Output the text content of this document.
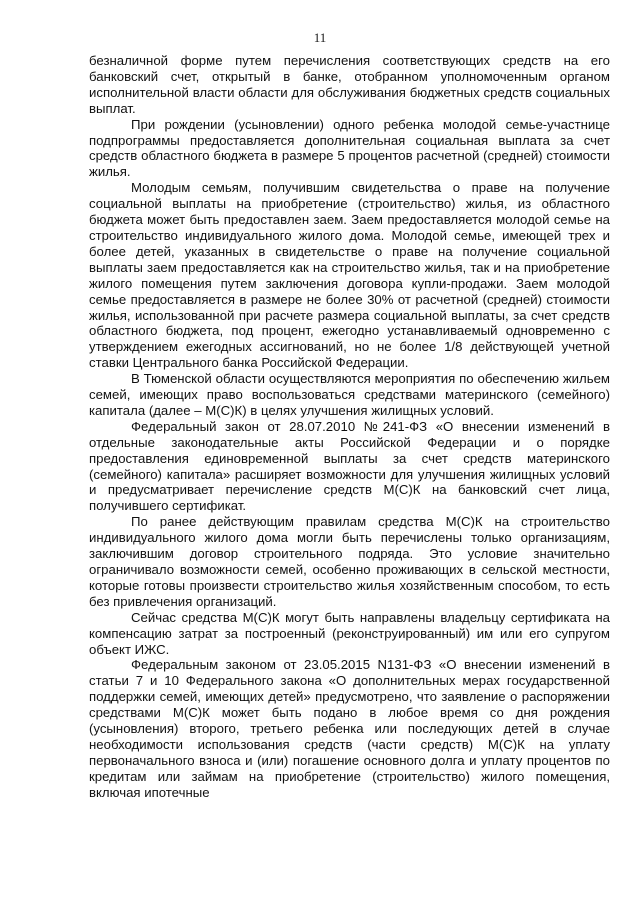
11

безналичной форме путем перечисления соответствующих средств на его банковский счет, открытый в банке, отобранном уполномоченным органом исполнительной власти области для обслуживания бюджетных средств социальных выплат.

При рождении (усыновлении) одного ребенка молодой семье-участнице подпрограммы предоставляется дополнительная социальная выплата за счет средств областного бюджета в размере 5 процентов расчетной (средней) стоимости жилья.

Молодым семьям, получившим свидетельства о праве на получение социальной выплаты на приобретение (строительство) жилья, из областного бюджета может быть предоставлен заем. Заем предоставляется молодой семье на строительство индивидуального жилого дома. Молодой семье, имеющей трех и более детей, указанных в свидетельстве о праве на получение социальной выплаты заем предоставляется как на строительство жилья, так и на приобретение жилого помещения путем заключения договора купли-продажи. Заем молодой семье предоставляется в размере не более 30% от расчетной (средней) стоимости жилья, использованной при расчете размера социальной выплаты, за счет средств областного бюджета, под процент, ежегодно устанавливаемый одновременно с утверждением ежегодных ассигнований, но не более 1/8 действующей учетной ставки Центрального банка Российской Федерации.

В Тюменской области осуществляются мероприятия по обеспечению жильем семей, имеющих право воспользоваться средствами материнского (семейного) капитала (далее – М(С)К) в целях улучшения жилищных условий.

Федеральный закон от 28.07.2010 №241-ФЗ «О внесении изменений в отдельные законодательные акты Российской Федерации и о порядке предоставления единовременной выплаты за счет средств материнского (семейного) капитала» расширяет возможности для улучшения жилищных условий и предусматривает перечисление средств М(С)К на банковский счет лица, получившего сертификат.

По ранее действующим правилам средства М(С)К на строительство индивидуального жилого дома могли быть перечислены только организациям, заключившим договор строительного подряда. Это условие значительно ограничивало возможности семей, особенно проживающих в сельской местности, которые готовы произвести строительство жилья хозяйственным способом, то есть без привлечения организаций.

Сейчас средства М(С)К могут быть направлены владельцу сертификата на компенсацию затрат за построенный (реконструированный) им или его супругом объект ИЖС.

Федеральным законом от 23.05.2015 N131-ФЗ «О внесении изменений в статьи 7 и 10 Федерального закона «О дополнительных мерах государственной поддержки семей, имеющих детей» предусмотрено, что заявление о распоряжении средствами М(С)К может быть подано в любое время со дня рождения (усыновления) второго, третьего ребенка или последующих детей в случае необходимости использования средств (части средств) М(С)К на уплату первоначального взноса и (или) погашение основного долга и уплату процентов по кредитам или займам на приобретение (строительство) жилого помещения, включая ипотечные
